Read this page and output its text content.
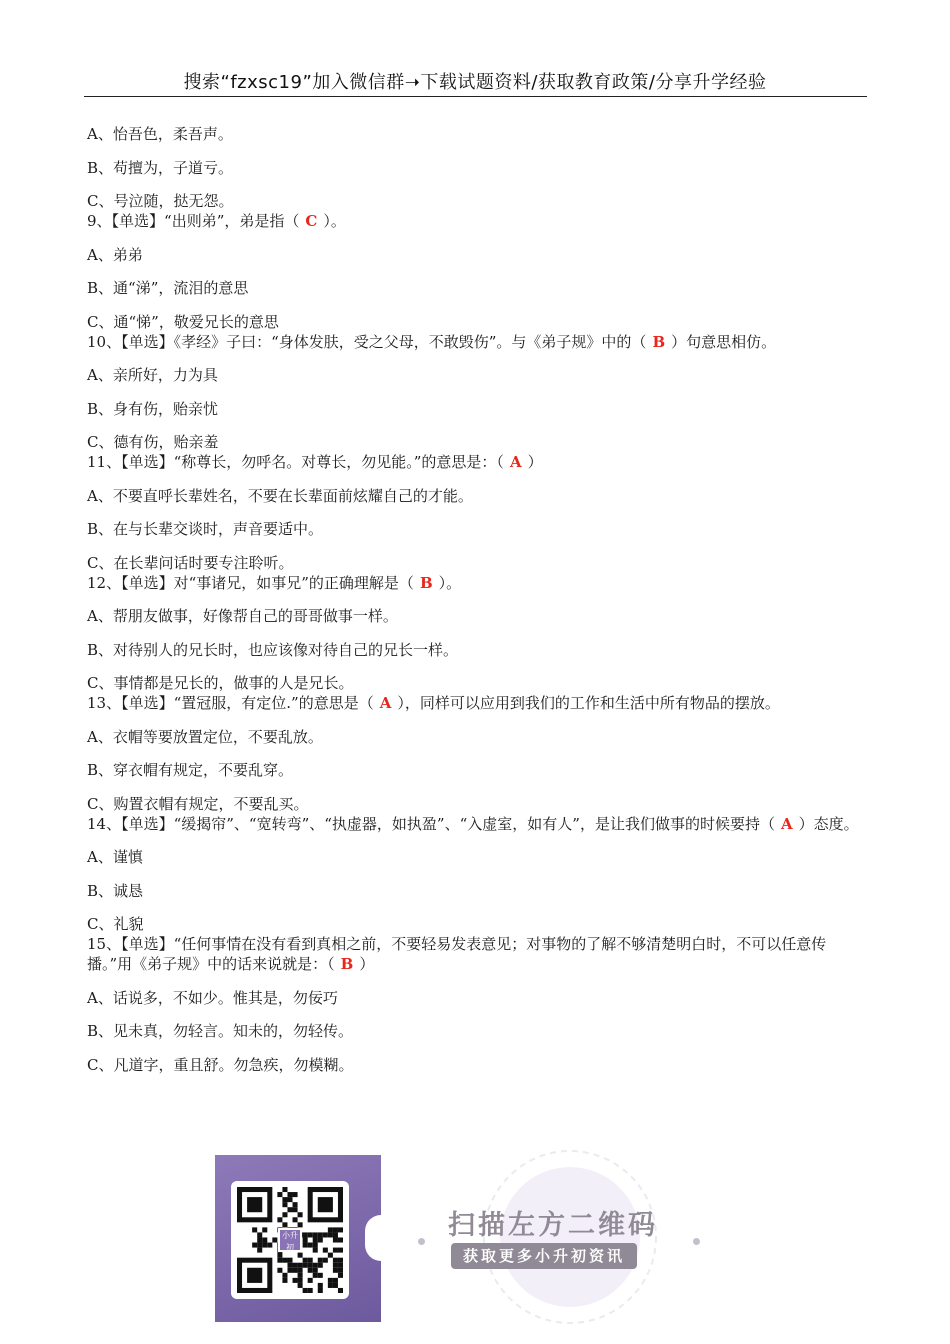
搜索“fzxsc19”加入微信群➝下载试题资料/获取教育政策/分享升学经验

A、怡吾色，柔吾声。

B、苟擅为，子道亏。

C、号泣随，挞无怨。

9、【单选】“出则弟”，弟是指（ C ）。

A、弟弟

B、通“涕”，流泪的意思

C、通“悌”，敬爱兄长的意思

10、【单选】《孝经》子曰：“身体发肤，受之父母，不敢毁伤”。与《弟子规》中的（ B ）句意思相仿。

A、亲所好，力为具

B、身有伤，贻亲忧

C、德有伤，贻亲羞

11、【单选】“称尊长，勿呼名。对尊长，勿见能。”的意思是：（ A ）

A、不要直呼长辈姓名，不要在长辈面前炫耀自己的才能。

B、在与长辈交谈时，声音要适中。

C、在长辈问话时要专注聆听。

12、【单选】对“事诸兄，如事兄”的正确理解是（ B ）。

A、帮朋友做事，好像帮自己的哥哥做事一样。

B、对待别人的兄长时，也应该像对待自己的兄长一样。

C、事情都是兄长的，做事的人是兄长。

13、【单选】“置冠服，有定位.”的意思是（ A ），同样可以应用到我们的工作和生活中所有物品的摆放。

A、衣帽等要放置定位，不要乱放。

B、穿衣帽有规定，不要乱穿。

C、购置衣帽有规定，不要乱买。

14、【单选】“缓揭帘”、“宽转弯”、“执虚器，如执盈”、“入虚室，如有人”，是让我们做事的时候要持（ A ）态度。

A、谨慎

B、诚恳

C、礼貌

15、【单选】“任何事情在没有看到真相之前，不要轻易发表意见；对事物的了解不够清楚明白时，不可以任意传播。”用《弟子规》中的话来说就是：（ B ）

A、话说多，不如少。惟其是，勿佞巧

B、见未真，勿轻言。知未的，勿轻传。

C、凡道字，重且舒。勿急疾，勿模糊。

小升初
扫描左方二维码
获取更多小升初资讯
